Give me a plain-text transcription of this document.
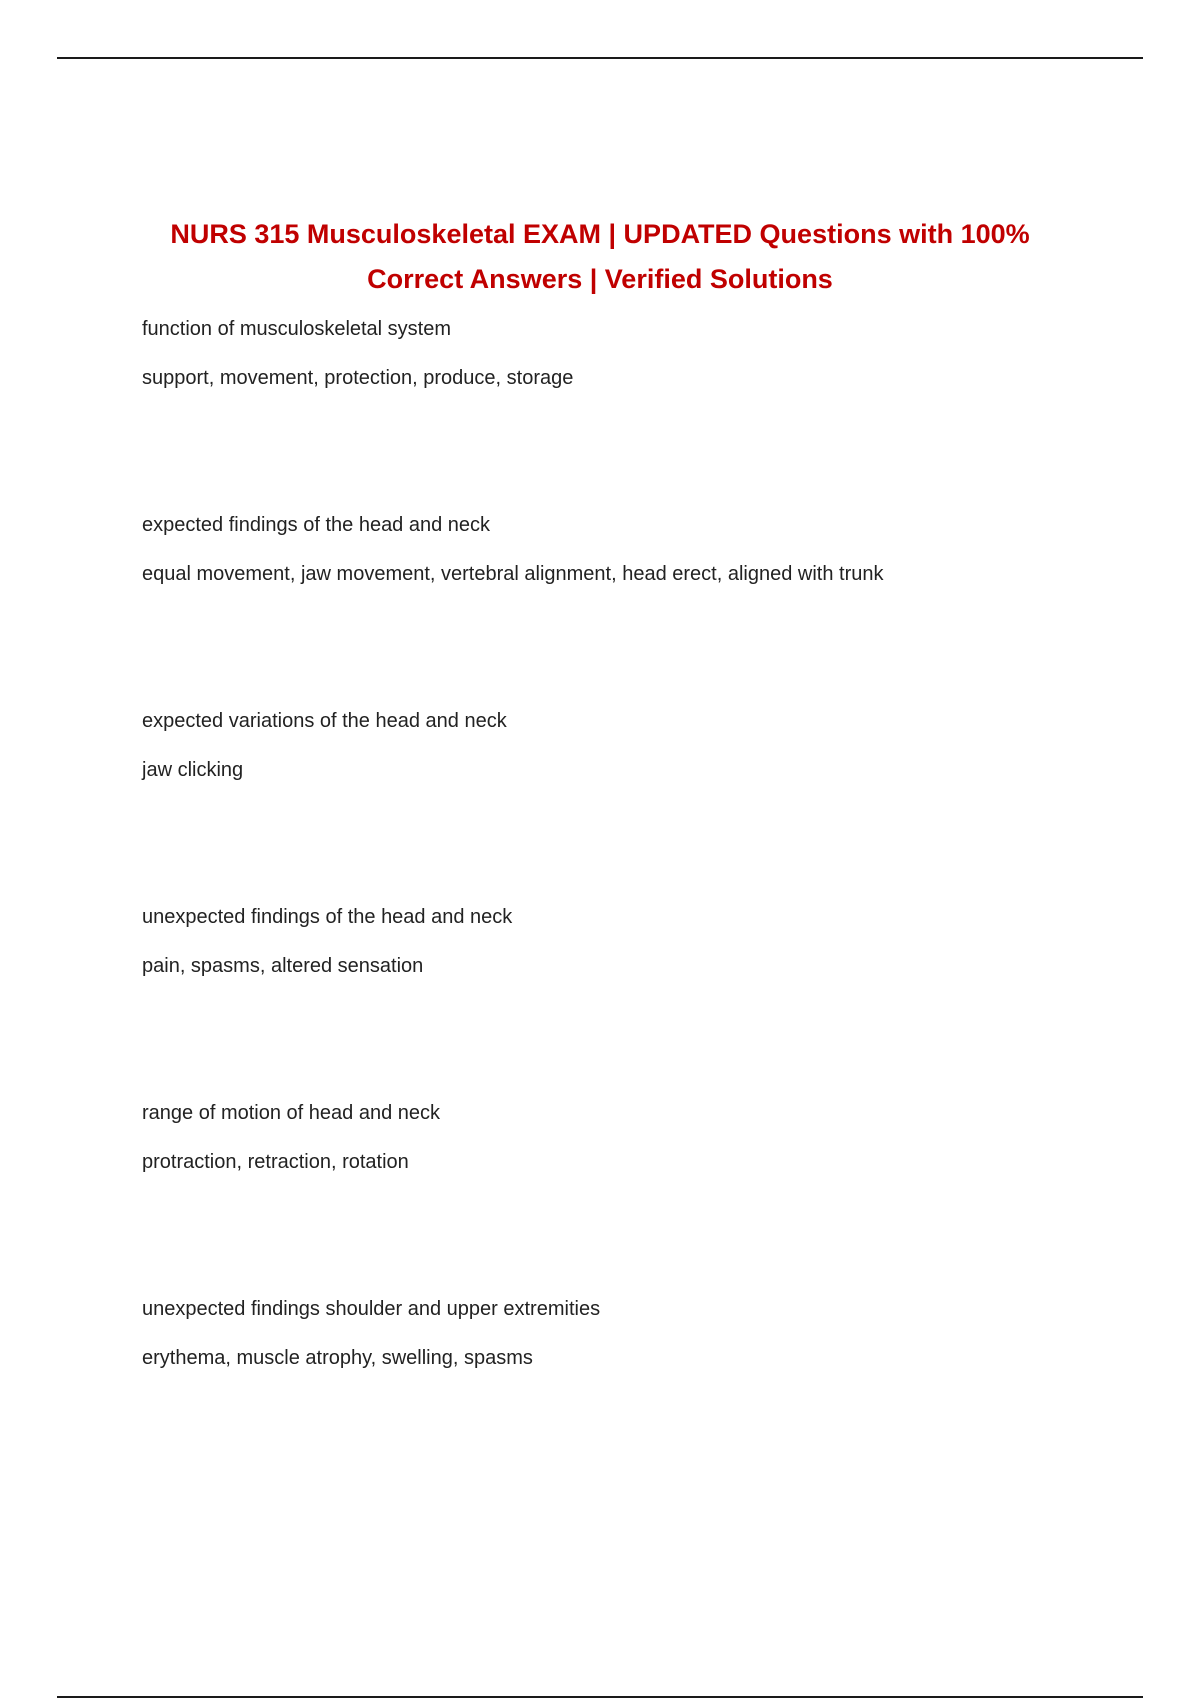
NURS 315 Musculoskeletal EXAM | UPDATED Questions with 100% Correct Answers | Verified Solutions
function of musculoskeletal system
support, movement, protection, produce, storage
expected findings of the head and neck
equal movement, jaw movement, vertebral alignment, head erect, aligned with trunk
expected variations of the head and neck
jaw clicking
unexpected findings of the head and neck
pain, spasms, altered sensation
range of motion of head and neck
protraction, retraction, rotation
unexpected findings shoulder and upper extremities
erythema, muscle atrophy, swelling, spasms
